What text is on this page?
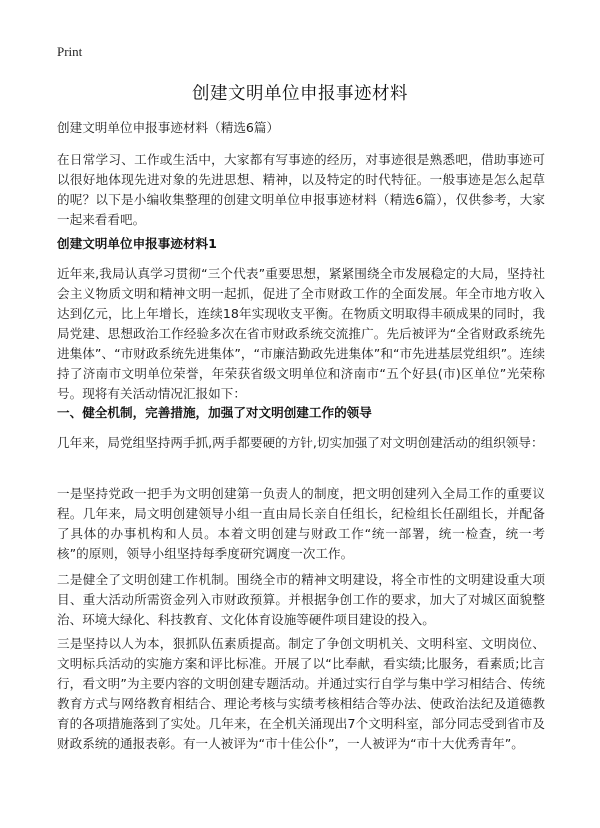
Print
创建文明单位申报事迹材料
创建文明单位申报事迹材料（精选6篇）
在日常学习、工作或生活中，大家都有写事迹的经历，对事迹很是熟悉吧，借助事迹可以很好地体现先进对象的先进思想、精神，以及特定的时代特征。一般事迹是怎么起草的呢？以下是小编收集整理的创建文明单位申报事迹材料（精选6篇），仅供参考，大家一起来看看吧。
创建文明单位申报事迹材料1
近年来,我局认真学习贯彻“三个代表”重要思想，紧紧围绕全市发展稳定的大局，坚持社会主义物质文明和精神文明一起抓，促进了全市财政工作的全面发展。年全市地方收入达到亿元，比上年增长，连续18年实现收支平衡。在物质文明取得丰硕成果的同时，我局党建、思想政治工作经验多次在省市财政系统交流推广。先后被评为“全省财政系统先进集体”、“市财政系统先进集体”，“市廉洁勤政先进集体”和“市先进基层党组织”。连续持了济南市文明单位荣誉，年荣获省级文明单位和济南市“五个好县(市)区单位”光荣称号。现将有关活动情况汇报如下：
一、健全机制，完善措施，加强了对文明创建工作的领导
几年来，局党组坚持两手抓,两手都要硬的方针,切实加强了对文明创建活动的组织领导：
一是坚持党政一把手为文明创建第一负责人的制度，把文明创建列入全局工作的重要议程。几年来，局文明创建领导小组一直由局长亲自任组长，纪检组长任副组长，并配备了具体的办事机构和人员。本着文明创建与财政工作“统一部署，统一检查，统一考核”的原则，领导小组坚持每季度研究调度一次工作。
二是健全了文明创建工作机制。围绕全市的精神文明建设，将全市性的文明建设重大项目、重大活动所需资金列入市财政预算。并根据争创工作的要求，加大了对城区面貌整治、环境大绿化、科技教育、文化体育设施等硬件项目建设的投入。
三是坚持以人为本，狠抓队伍素质提高。制定了争创文明机关、文明科室、文明岗位、文明标兵活动的实施方案和评比标准。开展了以“比奉献，看实绩;比服务，看素质;比言行，看文明”为主要内容的文明创建专题活动。并通过实行自学与集中学习相结合、传统教育方式与网络教育相结合、理论考核与实绩考核相结合等办法、使政治法纪及道德教育的各项措施落到了实处。几年来，在全机关涌现出7个文明科室，部分同志受到省市及财政系统的通报表彰。有一人被评为“市十佳公仆”，一人被评为“市十大优秀青年”。
